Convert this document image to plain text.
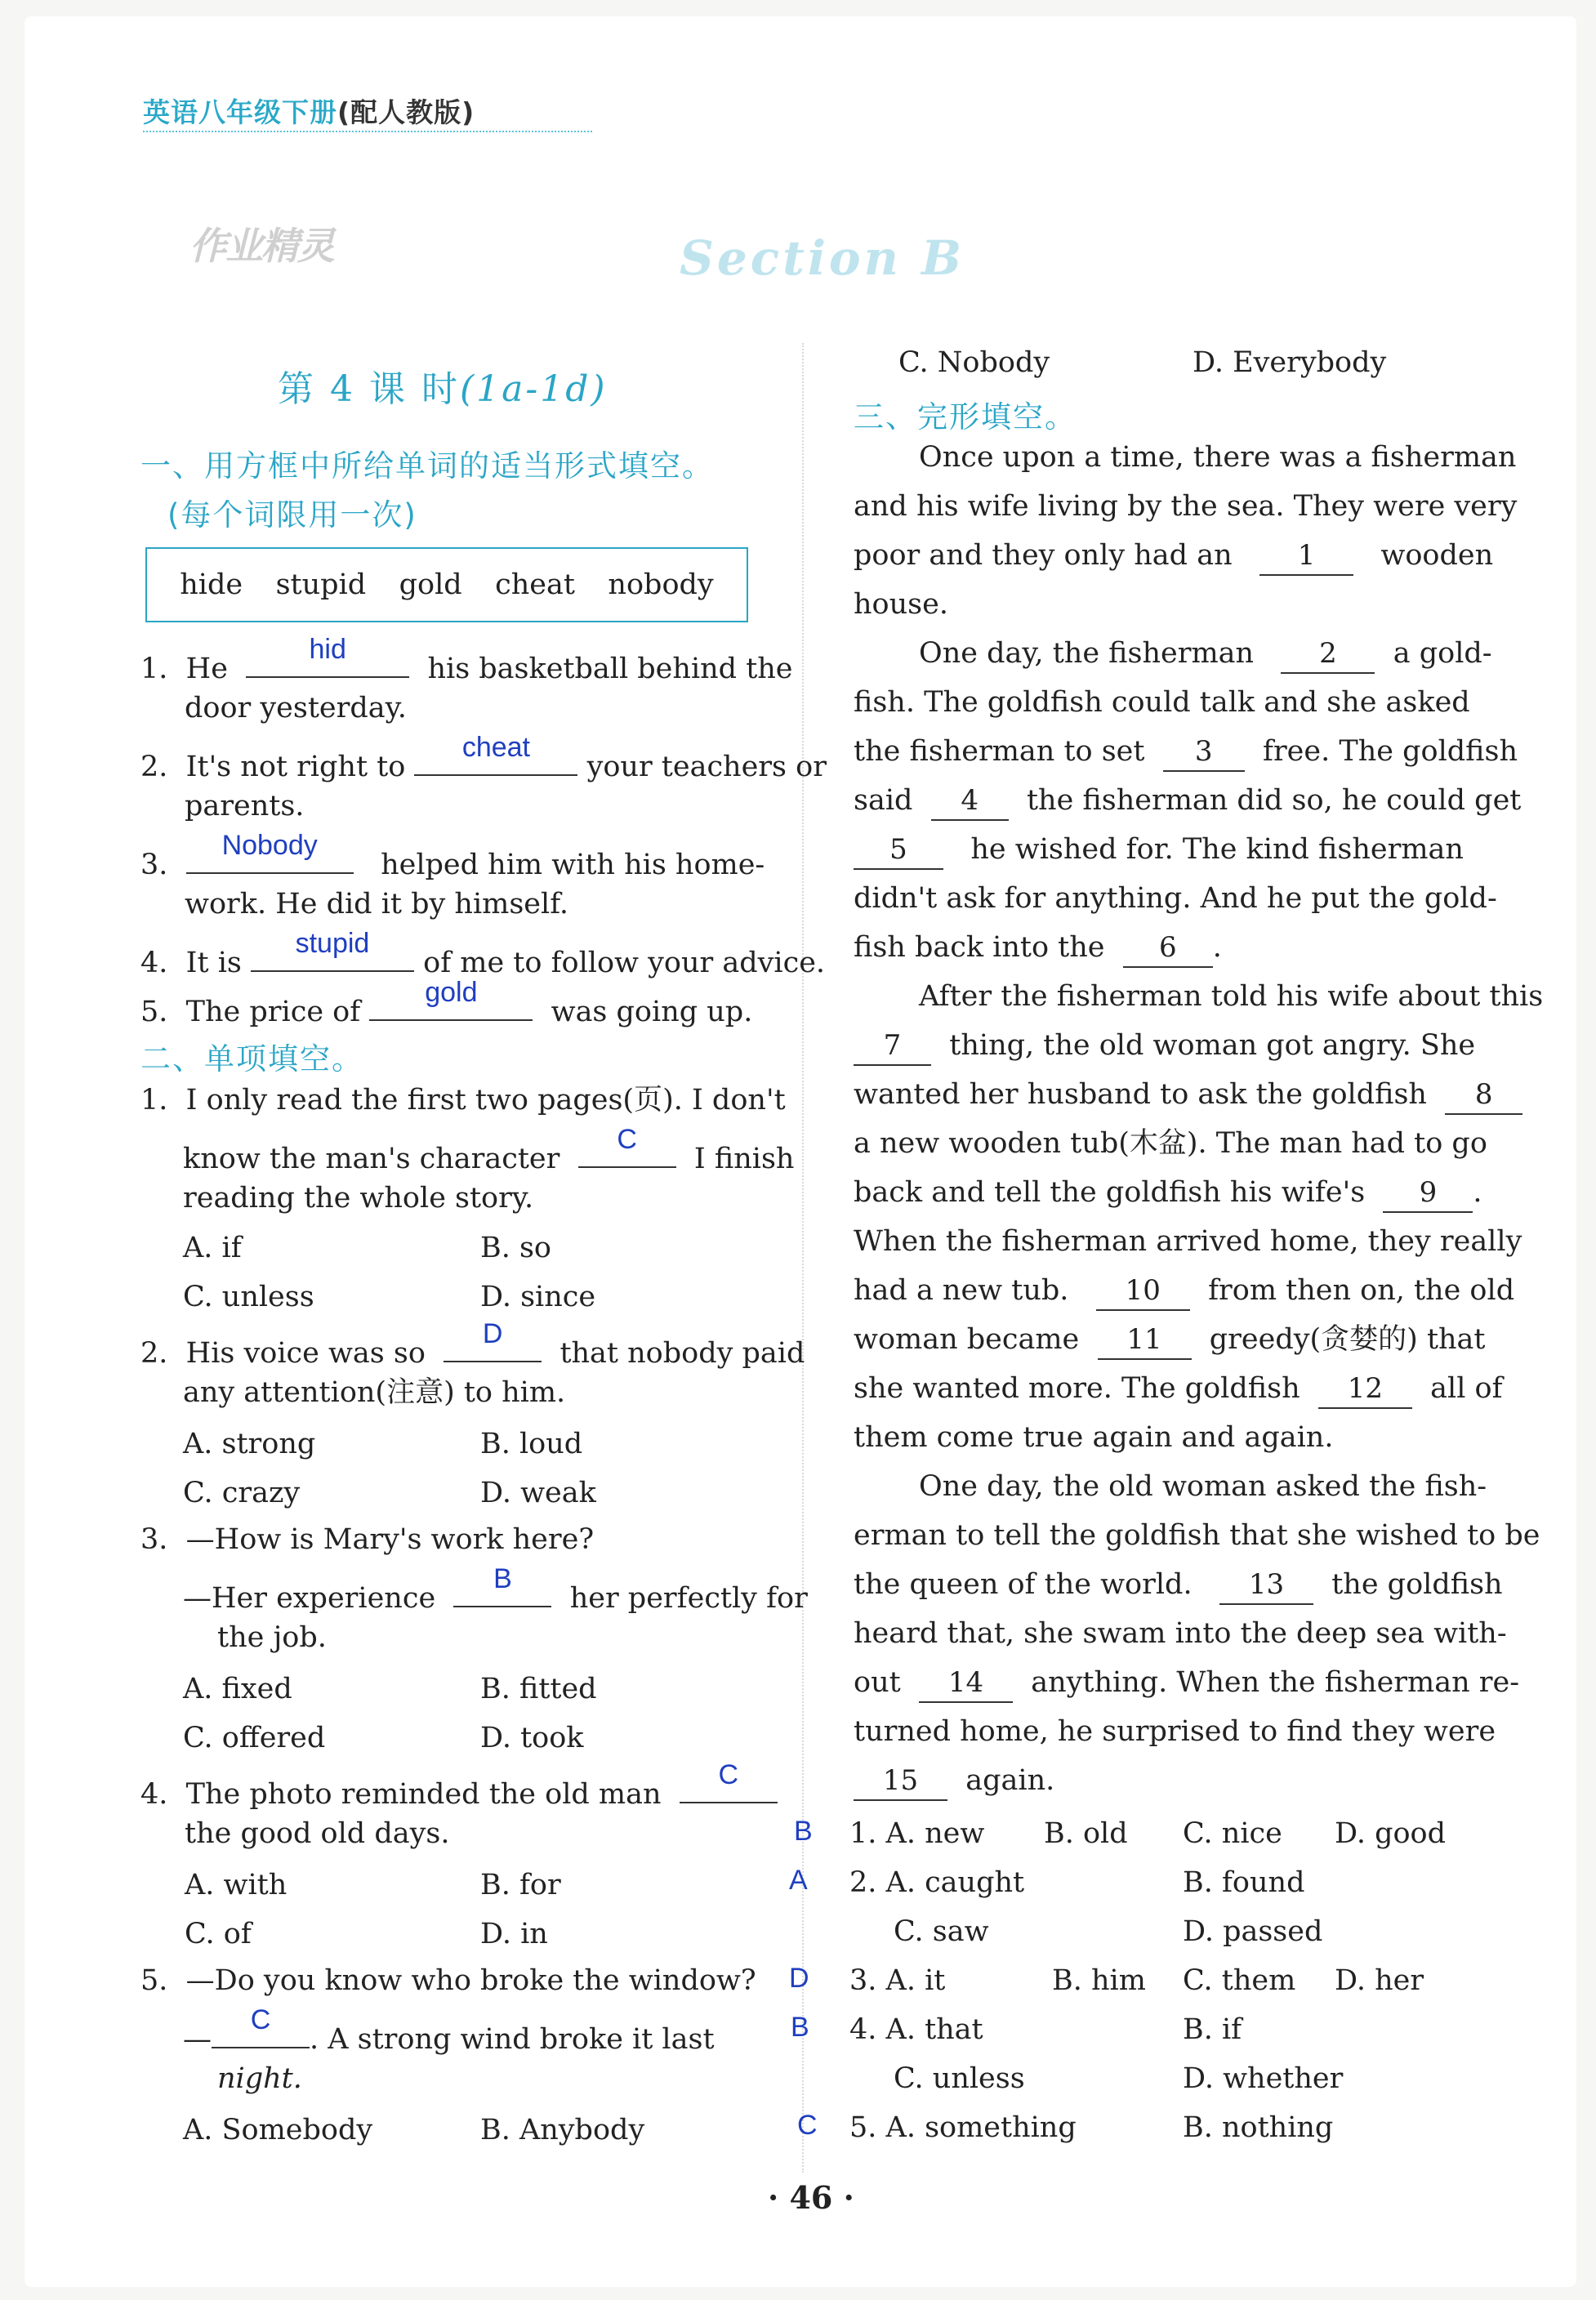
英语八年级下册(配人教版)
作业精灵	Section B
第 4 课 时(1a-1d)
一、用方框中所给单词的适当形式填空。
(每个词限用一次)
hide stupid gold cheat nobody
1. He
hid
his basketball behind the
door yesterday.
2. It's not right to
cheat
your teachers or
parents.
3.
Nobody
helped him with his home-
work. He did it by himself.
4. It is
stupid
of me to follow your advice.
5. The price of
gold
was going up.
二、单项填空。
1. I only read the first two pages(页). I don't
know the man's character
C
I finish
reading the whole story.
A. if	B. so
C. unless	D. since
2. His voice was so
D
that nobody paid
any attention(注意) to him.
A. strong	B. loud
C. crazy	D. weak
3. —How is Mary's work here?
—Her experience
B
her perfectly for
the job.
A. fixed	B. fitted
C. offered	D. took
4. The photo reminded the old man
C
the good old days.
A. with	B. for
C. of	D. in
5. —Do you know who broke the window?
—
C
. A strong wind broke it last
night.
A. Somebody	B. Anybody
C. Nobody	D. Everybody
三、完形填空。
Once upon a time, there was a fisherman
and his wife living by the sea. They were very
poor and they only had an 1 wooden
house.
One day, the fisherman 2 a gold-
fish. The goldfish could talk and she asked
the fisherman to set 3 free. The goldfish
said 4 the fisherman did so, he could get
5 he wished for. The kind fisherman
didn't ask for anything. And he put the gold-
fish back into the 6 .
After the fisherman told his wife about this
7 thing, the old woman got angry. She
wanted her husband to ask the goldfish 8
a new wooden tub(木盆). The man had to go
back and tell the goldfish his wife's 9 .
When the fisherman arrived home, they really
had a new tub. 10 from then on, the old
woman became 11 greedy(贪婪的) that
she wanted more. The goldfish 12 all of
them come true again and again.
One day, the old woman asked the fish-
erman to tell the goldfish that she wished to be
the queen of the world. 13 the goldfish
heard that, she swam into the deep sea with-
out 14 anything. When the fisherman re-
turned home, he surprised to find they were
15 again.
B 1. A. new B. old C. nice D. good
A 2. A. caught	B. found
C. saw	D. passed
D 3. A. it	B. him C. them D. her
B 4. A. that	B. if
C. unless	D. whether
C 5. A. something	B. nothing
· 46 ·
